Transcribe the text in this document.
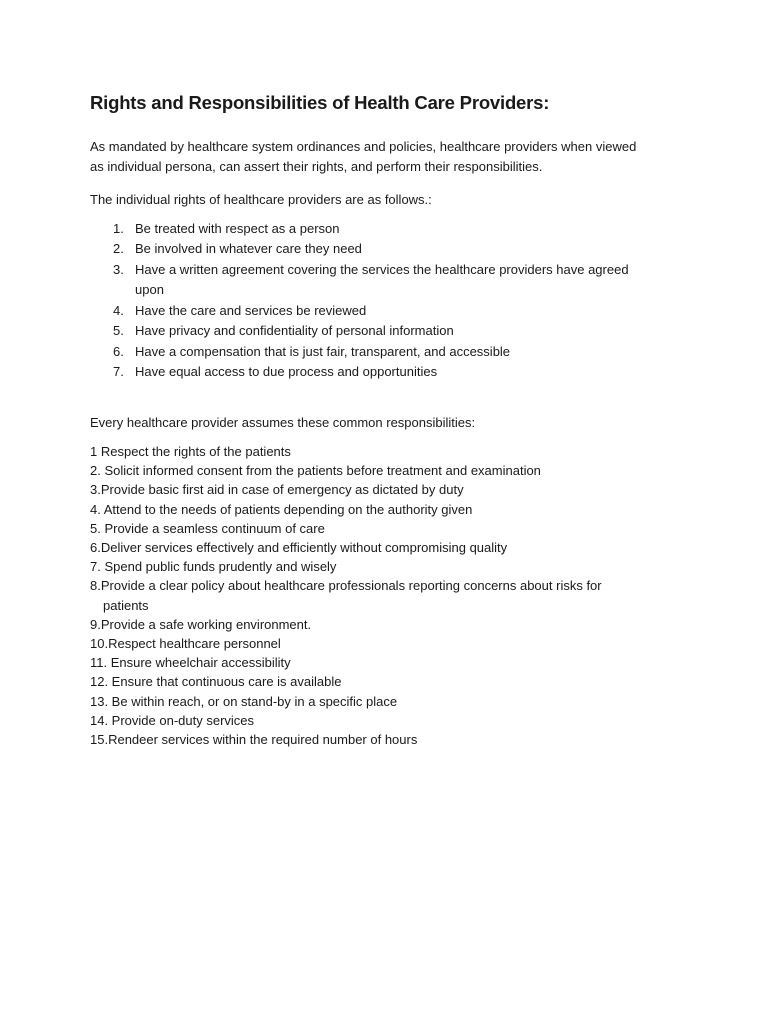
Rights and Responsibilities of Health Care Providers:
As mandated by healthcare system ordinances and policies, healthcare providers when viewed
as individual persona, can assert their rights, and perform their responsibilities.
The individual rights of healthcare providers are as follows.:
1. Be treated with respect as a person
2. Be involved in whatever care they need
3. Have a written agreement covering the services the healthcare providers have agreed
upon
4. Have the care and services be reviewed
5. Have privacy and confidentiality of personal information
6. Have a compensation that is just fair, transparent, and accessible
7. Have equal access to due process and opportunities
Every healthcare provider assumes these common responsibilities:
1 Respect the rights of the patients
2. Solicit informed consent from the patients before treatment and examination
3.Provide basic first aid in case of emergency as dictated by duty
4. Attend to the needs of patients depending on the authority given
5. Provide a seamless continuum of care
6.Deliver services effectively and efficiently without compromising quality
7. Spend public funds prudently and wisely
8.Provide a clear policy about healthcare professionals reporting concerns about risks for
patients
9.Provide a safe working environment.
10.Respect healthcare personnel
11. Ensure wheelchair accessibility
12. Ensure that continuous care is available
13. Be within reach, or on stand-by in a specific place
14. Provide on-duty services
15.Rendeer services within the required number of hours
